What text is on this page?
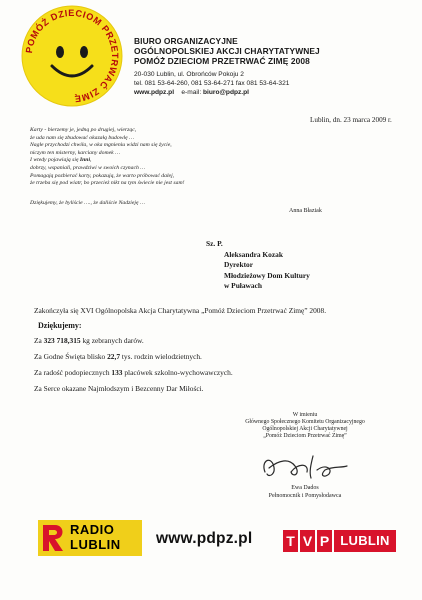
POMÓŻ DZIECIOM PRZETRWAĆ ZIMĘ
BIURO ORGANIZACYJNE
OGÓLNOPOLSKIEJ AKCJI CHARYTATYWNEJ
POMÓŻ DZIECIOM PRZETRWAĆ ZIMĘ 2008
20-030 Lublin, ul. Obrońców Pokoju 2
tel. 081 53-64-260, 081 53-64-271 fax 081 53-64-321
www.pdpz.pl e-mail: biuro@pdpz.pl
Lublin, dn. 23 marca 2009 r.
Karty - bierzemy je, jedną po drugiej, wierząc,
że uda nam się zbudować okazałą budowlę …
Nagle przychodzi chwila, w oka mgnieniu widzi nam się życie,
niczym ten misterny, karciany domek …
I wtedy pojawiają się Inni,
dobrzy, wspaniali, prawdziwi w swoich czynach …
Pomagają pozbierać karty, pokazują, że warto próbować dalej,
że trzeba się pod wiatr, bo przecież nikt na tym świecie nie jest sam!
Dziękujemy, że byliście …., że daliście Nadzieję …
Anna Błaziak
Sz. P.
Aleksandra Kozak
Dyrektor
Młodzieżowy Dom Kultury
w Puławach
Zakończyła się XVI Ogólnopolska Akcja Charytatywna „Pomóż Dzieciom Przetrwać Zimę” 2008.
Dziękujemy:
Za 323 718,315 kg zebranych darów.
Za Godne Święta blisko 22,7 tys. rodzin wielodzietnych.
Za radość podopiecznych 133 placówek szkolno-wychowawczych.
Za Serce okazane Najmłodszym i Bezcenny Dar Miłości.
W imieniu
Głównego Społecznego Komitetu Organizacyjnego
Ogólnopolskiej Akcji Charytatywnej
„Pomóż Dzieciom Przetrwać Zimę”
Ewa Dados
Pełnomocnik i Pomysłodawca
RADIO
LUBLIN www.pdpz.pl T V P LUBLIN
